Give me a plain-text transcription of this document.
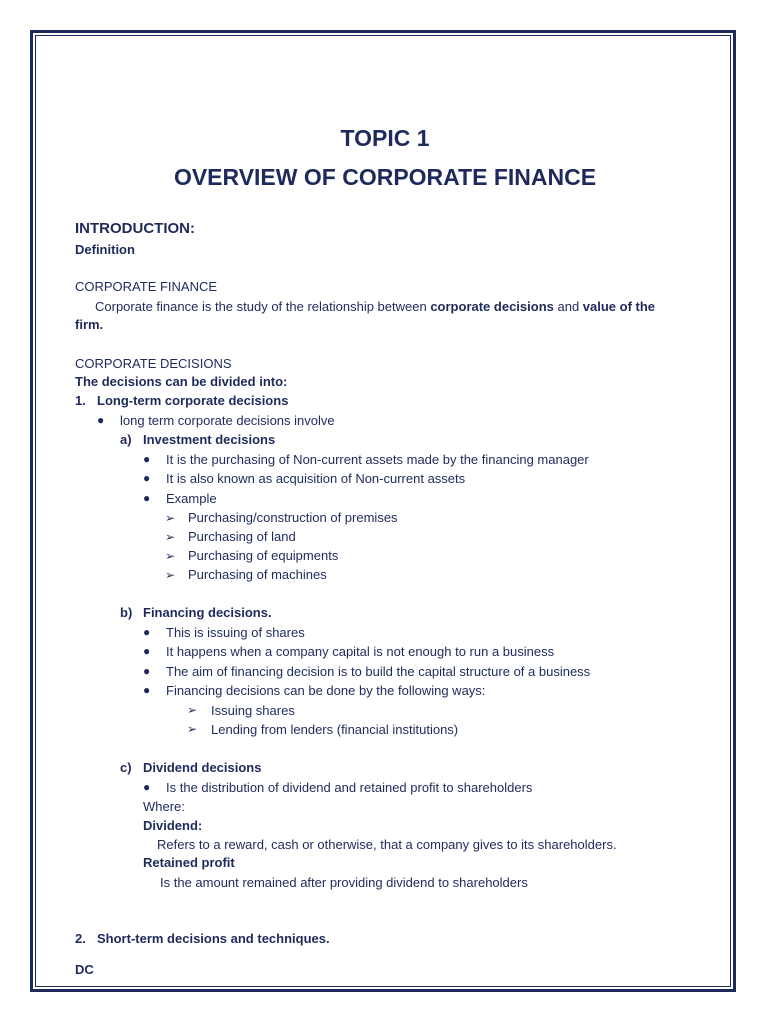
TOPIC 1
OVERVIEW OF CORPORATE FINANCE
INTRODUCTION:
Definition
CORPORATE FINANCE
Corporate finance is the study of the relationship between corporate decisions and value of the
firm.
CORPORATE DECISIONS
The decisions can be divided into:
1. Long-term corporate decisions
● long term corporate decisions involve
a) Investment decisions
● It is the purchasing of Non-current assets made by the financing manager
● It is also known as acquisition of Non-current assets
● Example
➢ Purchasing/construction of premises
➢ Purchasing of land
➢ Purchasing of equipments
➢ Purchasing of machines
b) Financing decisions.
● This is issuing of shares
● It happens when a company capital is not enough to run a business
● The aim of financing decision is to build the capital structure of a business
● Financing decisions can be done by the following ways:
➢ Issuing shares
➢ Lending from lenders (financial institutions)
c) Dividend decisions
● Is the distribution of dividend and retained profit to shareholders
Where:
Dividend:
Refers to a reward, cash or otherwise, that a company gives to its shareholders.
Retained profit
Is the amount remained after providing dividend to shareholders
2. Short-term decisions and techniques.
DC
